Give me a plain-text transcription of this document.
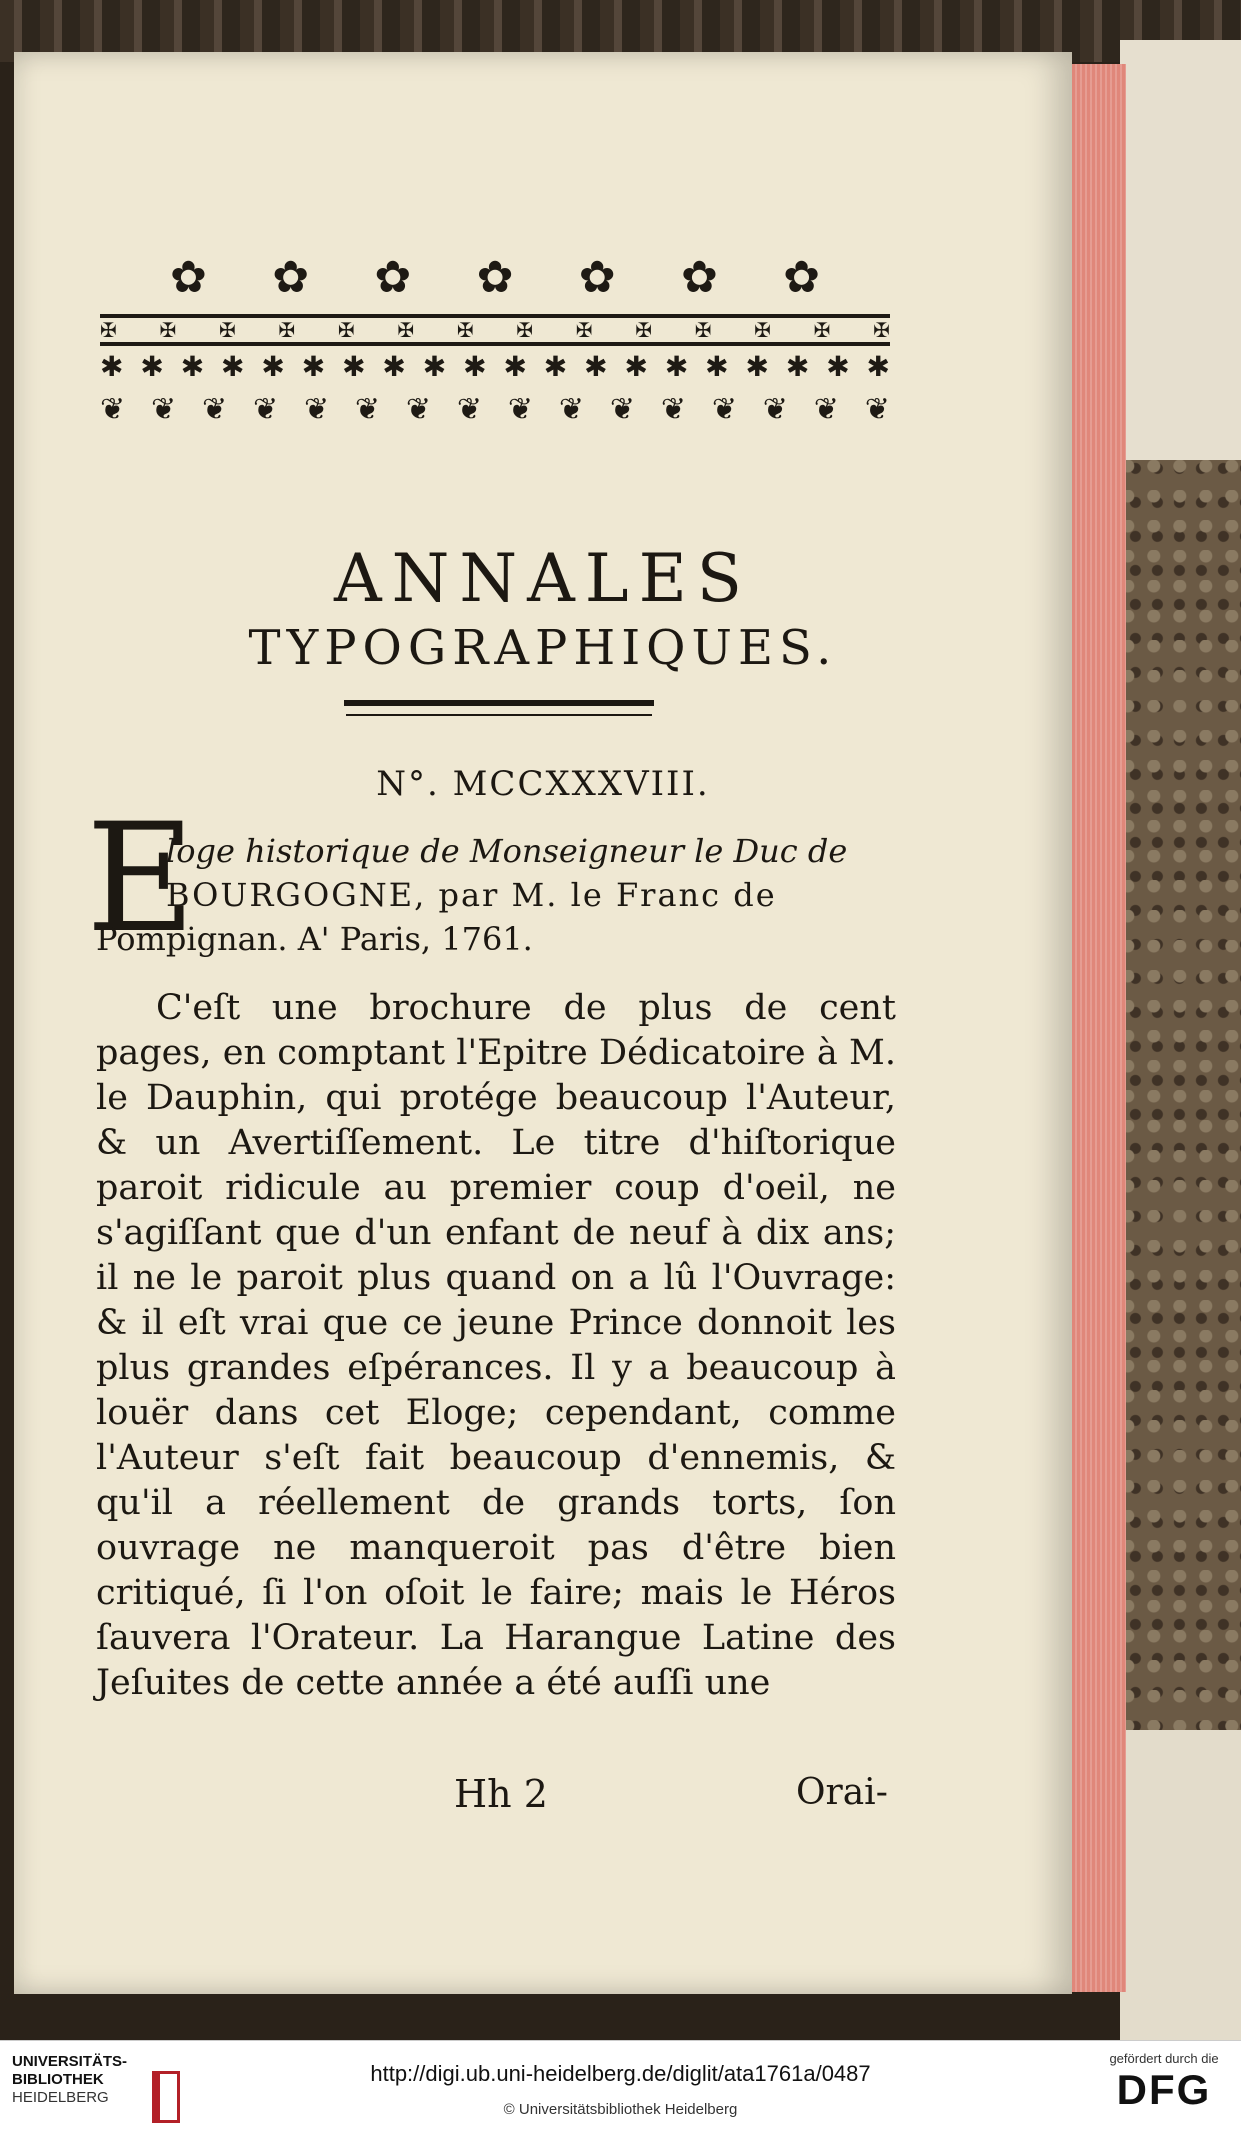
✿ ✿ ✿ ✿ ✿ ✿ ✿
✠ ✠ ✠ ✠ ✠ ✠ ✠ ✠ ✠ ✠ ✠ ✠ ✠ ✠
✱ ✱ ✱ ✱ ✱ ✱ ✱ ✱ ✱ ✱ ✱ ✱ ✱ ✱ ✱ ✱ ✱ ✱ ✱ ✱
❦ ❦ ❦ ❦ ❦ ❦ ❦ ❦ ❦ ❦ ❦ ❦ ❦ ❦ ❦ ❦
ANNALES
TYPOGRAPHIQUES.
N°. MCCXXXVIII.
E
loge historique de Monseigneur le Duc de
BOURGOGNE, par M. le Franc de
Pompignan. A' Paris, 1761.

C'eſt une brochure de plus de cent pages, en comptant l'Epitre Dédicatoire à M. le Dauphin, qui protége beaucoup l'Auteur, & un Avertiſſement. Le titre d'hiſtorique paroit ridicule au premier coup d'oeil, ne s'agiſſant que d'un enfant de neuf à dix ans; il ne le paroit plus quand on a lû l'Ouvrage: & il eſt vrai que ce jeune Prince donnoit les plus grandes eſpérances. Il y a beaucoup à louër dans cet Eloge; cependant, comme l'Auteur s'eſt fait beaucoup d'ennemis, & qu'il a réellement de grands torts, ſon ouvrage ne manqueroit pas d'être bien critiqué, ſi l'on oſoit le faire; mais le Héros ſauvera l'Orateur. La Harangue Latine des Jeſuites de cette année a été auſſi une

Hh 2	Orai-
UNIVERSITÄTS-
BIBLIOTHEK
HEIDELBERG
http://digi.ub.uni-heidelberg.de/diglit/ata1761a/0487
© Universitätsbibliothek Heidelberg
gefördert durch die
DFG
